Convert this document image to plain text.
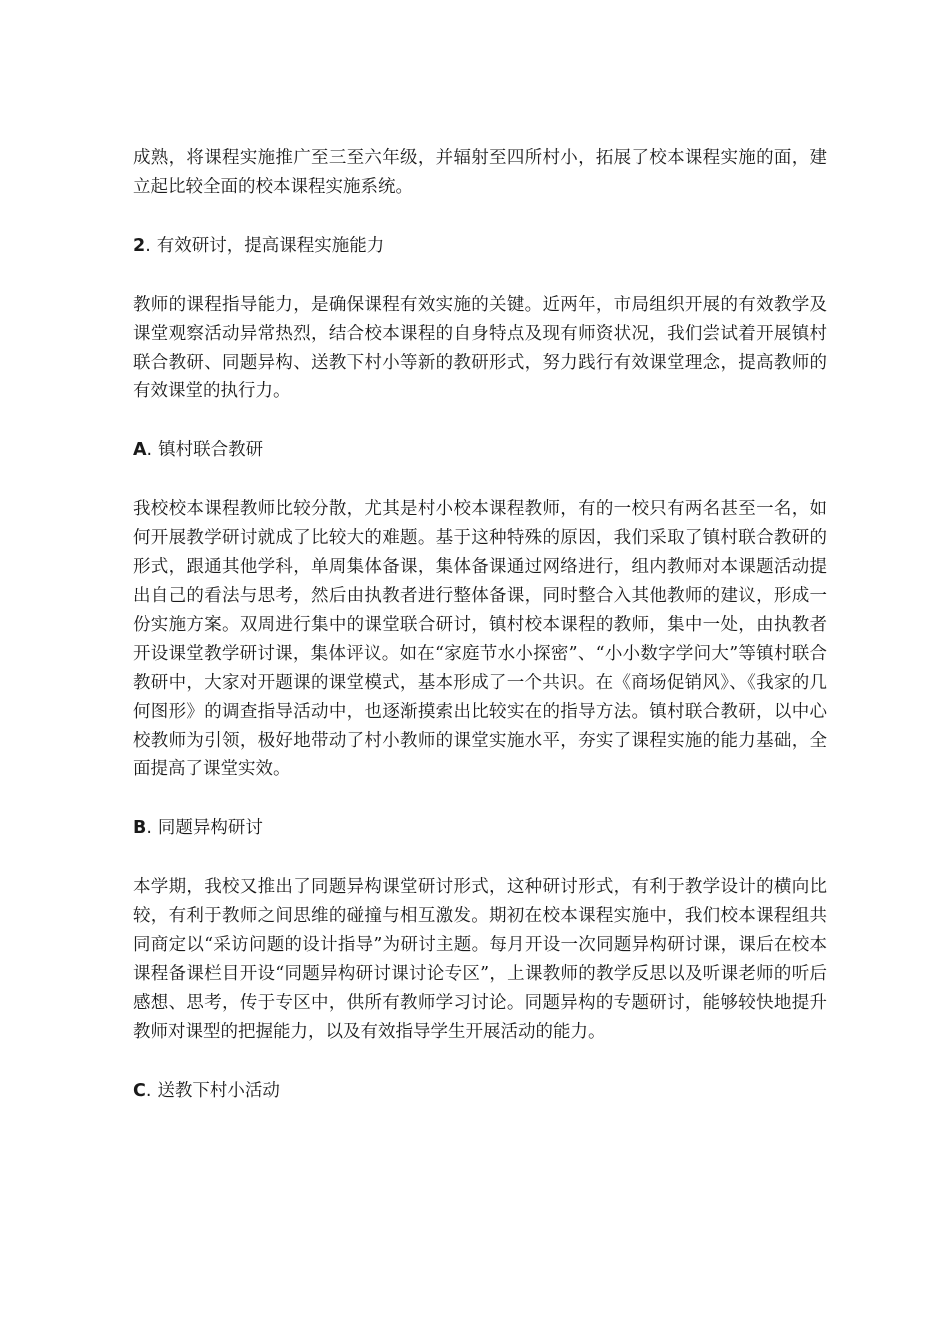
成熟，将课程实施推广至三至六年级，并辐射至四所村小，拓展了校本课程实施的面，建立起比较全面的校本课程实施系统。

2. 有效研讨，提高课程实施能力

教师的课程指导能力，是确保课程有效实施的关键。近两年，市局组织开展的有效教学及课堂观察活动异常热烈，结合校本课程的自身特点及现有师资状况，我们尝试着开展镇村联合教研、同题异构、送教下村小等新的教研形式，努力践行有效课堂理念，提高教师的有效课堂的执行力。

A. 镇村联合教研

我校校本课程教师比较分散，尤其是村小校本课程教师，有的一校只有两名甚至一名，如何开展教学研讨就成了比较大的难题。基于这种特殊的原因，我们采取了镇村联合教研的形式，跟通其他学科，单周集体备课，集体备课通过网络进行，组内教师对本课题活动提出自己的看法与思考，然后由执教者进行整体备课，同时整合入其他教师的建议，形成一份实施方案。双周进行集中的课堂联合研讨，镇村校本课程的教师，集中一处，由执教者开设课堂教学研讨课，集体评议。如在“家庭节水小探密”、“小小数字学问大”等镇村联合教研中，大家对开题课的课堂模式，基本形成了一个共识。在《商场促销风》、《我家的几何图形》的调查指导活动中，也逐渐摸索出比较实在的指导方法。镇村联合教研，以中心校教师为引领，极好地带动了村小教师的课堂实施水平，夯实了课程实施的能力基础，全面提高了课堂实效。

B. 同题异构研讨

本学期，我校又推出了同题异构课堂研讨形式，这种研讨形式，有利于教学设计的横向比较，有利于教师之间思维的碰撞与相互激发。期初在校本课程实施中，我们校本课程组共同商定以“采访问题的设计指导”为研讨主题。每月开设一次同题异构研讨课，课后在校本课程备课栏目开设“同题异构研讨课讨论专区”，上课教师的教学反思以及听课老师的听后感想、思考，传于专区中，供所有教师学习讨论。同题异构的专题研讨，能够较快地提升教师对课型的把握能力，以及有效指导学生开展活动的能力。

C. 送教下村小活动
